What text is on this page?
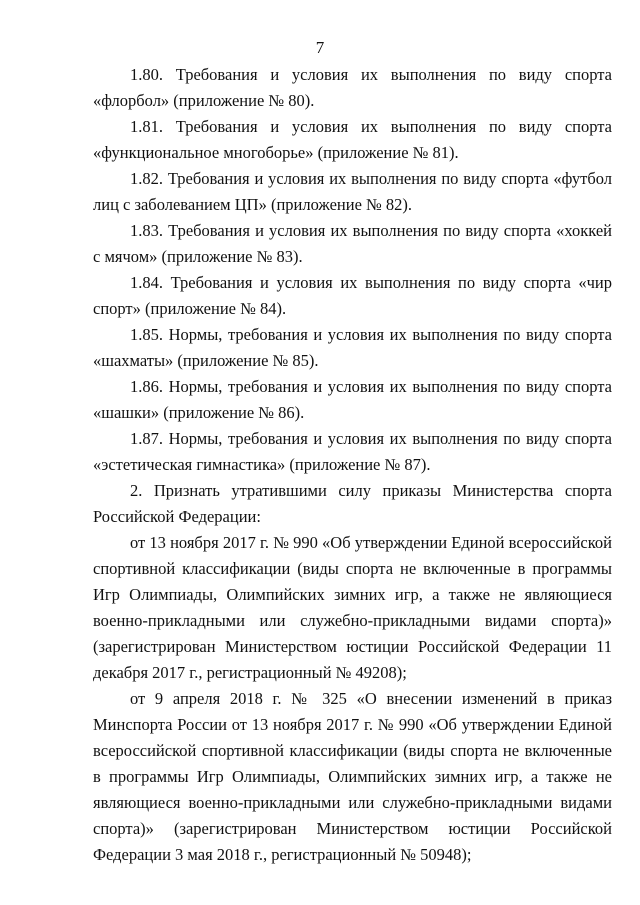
7

1.80. Требования и условия их выполнения по виду спорта «флорбол» (приложение № 80).

1.81. Требования и условия их выполнения по виду спорта «функциональное многоборье» (приложение № 81).

1.82. Требования и условия их выполнения по виду спорта «футбол лиц с заболеванием ЦП» (приложение № 82).

1.83. Требования и условия их выполнения по виду спорта «хоккей с мячом» (приложение № 83).

1.84. Требования и условия их выполнения по виду спорта «чир спорт» (приложение № 84).

1.85. Нормы, требования и условия их выполнения по виду спорта «шахматы» (приложение № 85).

1.86. Нормы, требования и условия их выполнения по виду спорта «шашки» (приложение № 86).

1.87. Нормы, требования и условия их выполнения по виду спорта «эстетическая гимнастика» (приложение № 87).

2. Признать утратившими силу приказы Министерства спорта Российской Федерации:

от 13 ноября 2017 г. № 990 «Об утверждении Единой всероссийской спортивной классификации (виды спорта не включенные в программы Игр Олимпиады, Олимпийских зимних игр, а также не являющиеся военно-прикладными или служебно-прикладными видами спорта)» (зарегистрирован Министерством юстиции Российской Федерации 11 декабря 2017 г., регистрационный № 49208);

от 9 апреля 2018 г. № 325 «О внесении изменений в приказ Минспорта России от 13 ноября 2017 г. № 990 «Об утверждении Единой всероссийской спортивной классификации (виды спорта не включенные в программы Игр Олимпиады, Олимпийских зимних игр, а также не являющиеся военно-прикладными или служебно-прикладными видами спорта)» (зарегистрирован Министерством юстиции Российской Федерации 3 мая 2018 г., регистрационный № 50948);
